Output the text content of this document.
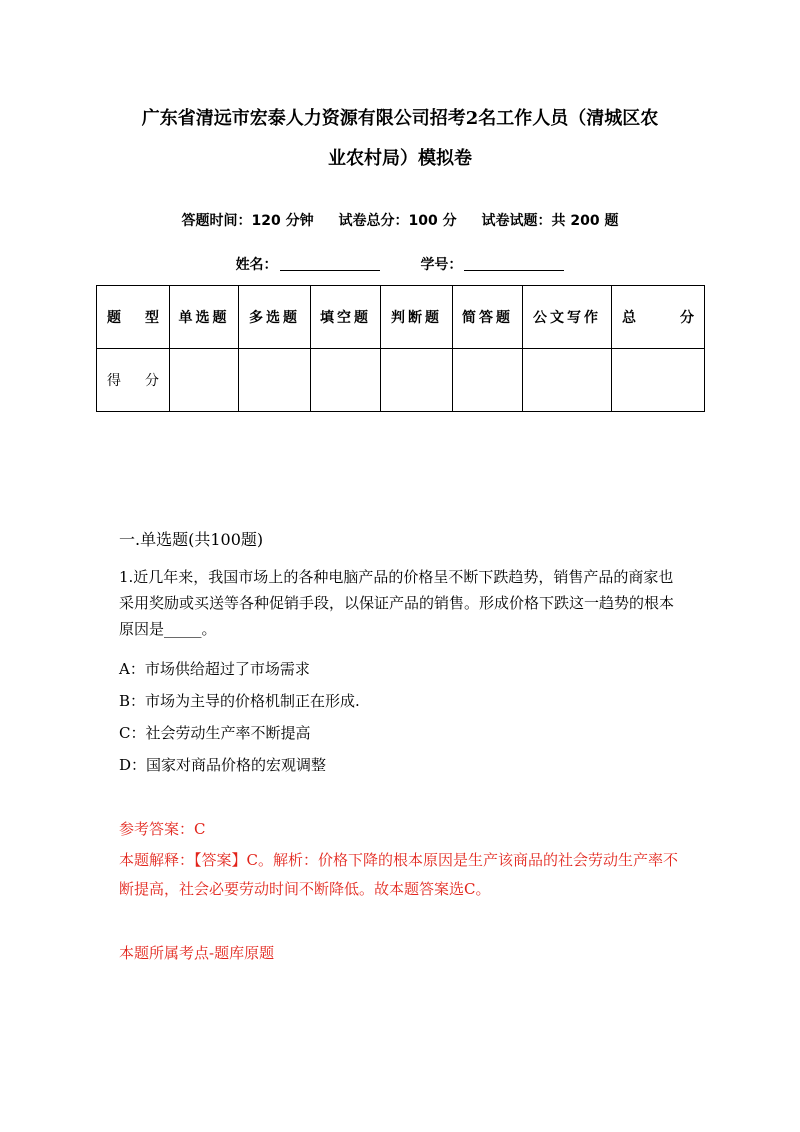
广东省清远市宏泰人力资源有限公司招考2名工作人员（清城区农
业农村局）模拟卷
答题时间：120 分钟 试卷总分：100 分 试卷试题：共 200 题
姓名：	学号：
题　型	单选题	多选题	填空题	判断题	简答题	公文写作	总　　分
得　分							
一.单选题(共100题)
1.近几年来，我国市场上的各种电脑产品的价格呈不断下跌趋势，销售产品的商家也采用奖励或买送等各种促销手段，以保证产品的销售。形成价格下跌这一趋势的根本原因是_____。
A：市场供给超过了市场需求
B：市场为主导的价格机制正在形成.
C：社会劳动生产率不断提高
D：国家对商品价格的宏观调整
参考答案：C
本题解释：【答案】C。解析：价格下降的根本原因是生产该商品的社会劳动生产率不断提高，社会必要劳动时间不断降低。故本题答案选C。
本题所属考点-题库原题
